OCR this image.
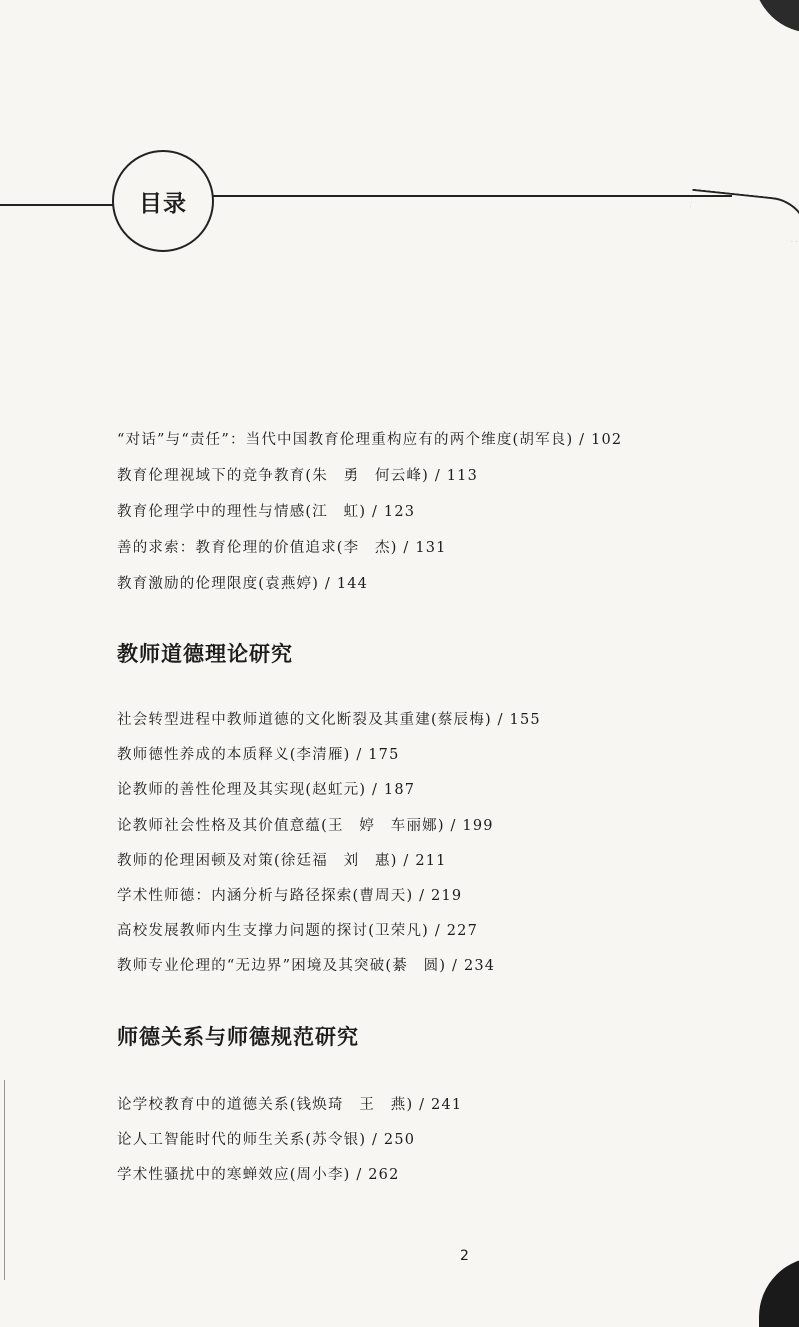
目录
“对话”与“责任”：当代中国教育伦理重构应有的两个维度(胡军良) / 102
教育伦理视域下的竞争教育(朱　勇　何云峰) / 113
教育伦理学中的理性与情感(江　虹) / 123
善的求索：教育伦理的价值追求(李　杰) / 131
教育激励的伦理限度(袁燕婷) / 144
教师道德理论研究
社会转型进程中教师道德的文化断裂及其重建(蔡辰梅) / 155
教师德性养成的本质释义(李清雁) / 175
论教师的善性伦理及其实现(赵虹元) / 187
论教师社会性格及其价值意蕴(王　婷　车丽娜) / 199
教师的伦理困顿及对策(徐廷福　刘　惠) / 211
学术性师德：内涵分析与路径探索(曹周天) / 219
高校发展教师内生支撑力问题的探讨(卫荣凡) / 227
教师专业伦理的“无边界”困境及其突破(綦　圆) / 234
师德关系与师德规范研究
论学校教育中的道德关系(钱焕琦　王　燕) / 241
论人工智能时代的师生关系(苏令银) / 250
学术性骚扰中的寒蝉效应(周小李) / 262
2
